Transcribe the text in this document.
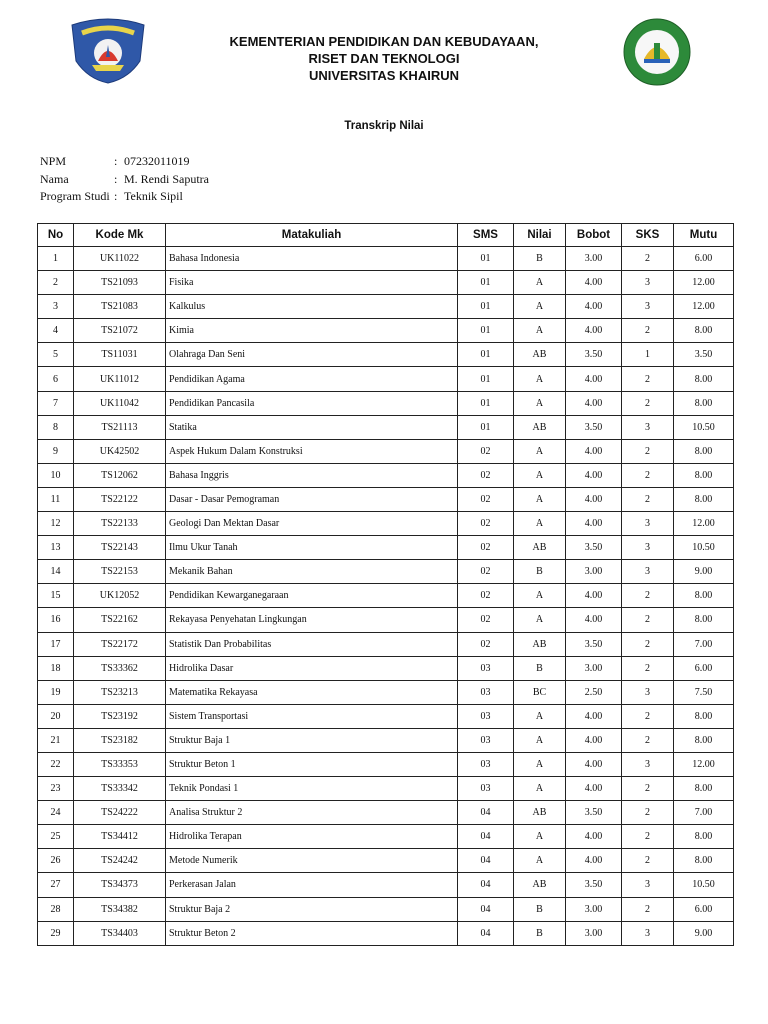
KEMENTERIAN PENDIDIKAN DAN KEBUDAYAAN,
RISET DAN TEKNOLOGI
UNIVERSITAS KHAIRUN
Transkrip Nilai
NPM	: 07232011019
Nama	: M. Rendi Saputra
Program Studi : Teknik Sipil
No	Kode Mk	Matakuliah	SMS	Nilai	Bobot	SKS	Mutu
1	UK11022	Bahasa Indonesia	01	B	3.00	2	6.00
2	TS21093	Fisika	01	A	4.00	3	12.00
3	TS21083	Kalkulus	01	A	4.00	3	12.00
4	TS21072	Kimia	01	A	4.00	2	8.00
5	TS11031	Olahraga Dan Seni	01	AB	3.50	1	3.50
6	UK11012	Pendidikan Agama	01	A	4.00	2	8.00
7	UK11042	Pendidikan Pancasila	01	A	4.00	2	8.00
8	TS21113	Statika	01	AB	3.50	3	10.50
9	UK42502	Aspek Hukum Dalam Konstruksi	02	A	4.00	2	8.00
10	TS12062	Bahasa Inggris	02	A	4.00	2	8.00
11	TS22122	Dasar - Dasar Pemograman	02	A	4.00	2	8.00
12	TS22133	Geologi Dan Mektan Dasar	02	A	4.00	3	12.00
13	TS22143	Ilmu Ukur Tanah	02	AB	3.50	3	10.50
14	TS22153	Mekanik Bahan	02	B	3.00	3	9.00
15	UK12052	Pendidikan Kewarganegaraan	02	A	4.00	2	8.00
16	TS22162	Rekayasa Penyehatan Lingkungan	02	A	4.00	2	8.00
17	TS22172	Statistik Dan Probabilitas	02	AB	3.50	2	7.00
18	TS33362	Hidrolika Dasar	03	B	3.00	2	6.00
19	TS23213	Matematika Rekayasa	03	BC	2.50	3	7.50
20	TS23192	Sistem Transportasi	03	A	4.00	2	8.00
21	TS23182	Struktur Baja 1	03	A	4.00	2	8.00
22	TS33353	Struktur Beton 1	03	A	4.00	3	12.00
23	TS33342	Teknik Pondasi 1	03	A	4.00	2	8.00
24	TS24222	Analisa Struktur 2	04	AB	3.50	2	7.00
25	TS34412	Hidrolika Terapan	04	A	4.00	2	8.00
26	TS24242	Metode Numerik	04	A	4.00	2	8.00
27	TS34373	Perkerasan Jalan	04	AB	3.50	3	10.50
28	TS34382	Struktur Baja 2	04	B	3.00	2	6.00
29	TS34403	Struktur Beton 2	04	B	3.00	3	9.00
